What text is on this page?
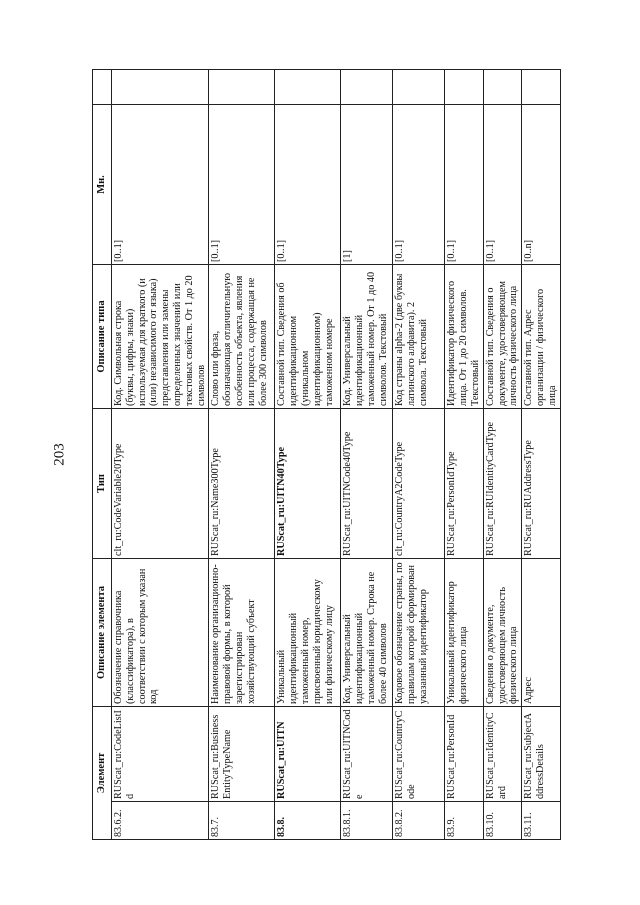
203
Элемент		Описание элемента	Тип	Описание типа	Мн.	
83.6.2.	RUScat_ru:CodeListId	Обозначение справочника (классификатора), в соответствии с которым указан код	clt_ru:CodeVariable20Type	Код. Символьная строка (буквы, цифры, знаки) используемая для краткого (и (или) независимого от языка) представления или замены определенных значений или текстовых свойств. От 1 до 20 символов	[0..1]	
83.7.	RUScat_ru:BusinessEntityTypeName	Наименование организационно-правовой формы, в которой зарегистрирован хозяйствующий субъект	RUScat_ru:Name300Type	Слово или фраза, обозначающая отличительную особенность объекта, явления или процесса, содержащая не более 300 символов	[0..1]	
83.8.	RUScat_ru:UITN	Уникальный идентификационный таможенный номер, присвоенный юридическому или физическому лицу	RUScat_ru:UITN40Type	Составной тип. Сведения об идентификационном (уникальном идентификационном) таможенном номере	[0..1]	
83.8.1.	RUScat_ru:UITNCode	Код. Универсальный идентификационный таможенный номер. Строка не более 40 символов	RUScat_ru:UITNCode40Type	Код. Универсальный идентификационный таможенный номер. От 1 до 40 символов. Текстовый	[1]	
83.8.2.	RUScat_ru:CountryCode	Кодовое обозначение страны, по правилам которой сформирован указанный идентификатор	clt_ru:CountryA2CodeType	Код страны alpha-2 (две буквы латинского алфавита). 2 символа. Текстовый	[0..1]	
83.9.	RUScat_ru:PersonId	Уникальный идентификатор физического лица	RUScat_ru:PersonIdType	Идентификатор физического лица. От 1 до 20 символов. Текстовый	[0..1]	
83.10.	RUScat_ru:IdentityCard	Сведения о документе, удостоверяющем личность физического лица	RUScat_ru:RUIdentityCardType	Составной тип. Сведения о документе, удостоверяющем личность физического лица	[0..1]	
83.11.	RUScat_ru:SubjectAddressDetails	Адрес	RUScat_ru:RUAddressType	Составной тип. Адрес организации / физического лица	[0..n]	
